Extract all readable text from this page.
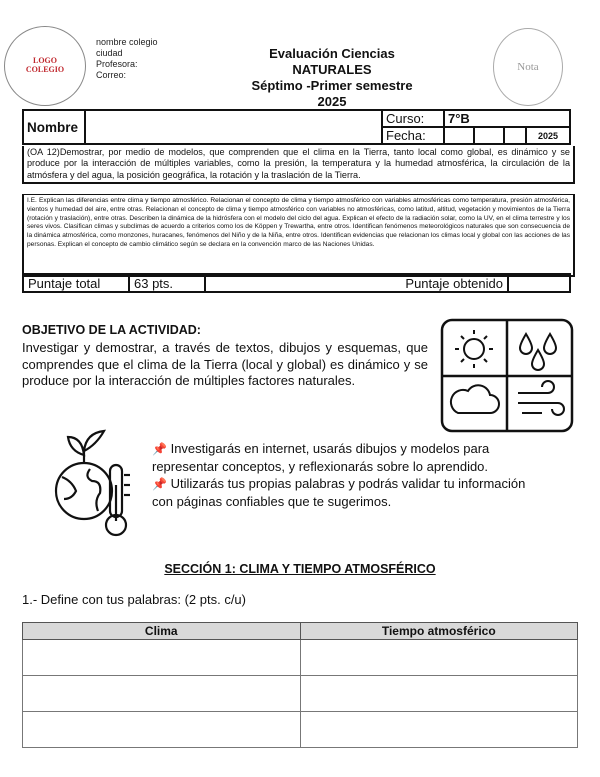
LOGO
COLEGIO
nombre colegio
ciudad
Profesora:
Correo:
Evaluación Ciencias NATURALES
Séptimo -Primer semestre
2025
Nota
Nombre		Curso:	7°B			
		Fecha:				2025
(OA 12)Demostrar, por medio de modelos, que comprenden que el clima en la Tierra, tanto local como global, es dinámico y se produce por la interacción de múltiples variables, como la presión, la temperatura y la humedad atmosférica, la circulación de la atmósfera y del agua, la posición geográfica, la rotación y la traslación de la Tierra.
I.E. Explican las diferencias entre clima y tiempo atmosférico. Relacionan el concepto de clima y tiempo atmosférico con variables atmosféricas como temperatura, presión atmosférica, vientos y humedad del aire, entre otras. Relacionan el concepto de clima y tiempo atmosférico con variables no atmosféricas, como latitud, altitud, vegetación y movimientos de la Tierra (rotación y traslación), entre otras. Describen la dinámica de la hidrósfera con el modelo del ciclo del agua. Explican el efecto de la radiación solar, como la UV, en el clima terrestre y los seres vivos. Clasifican climas y subclimas de acuerdo a criterios como los de Köppen y Trewartha, entre otros. Identifican fenómenos meteorológicos naturales que son consecuencia de la dinámica atmosférica, como monzones, huracanes, fenómenos del Niño y de la Niña, entre otros. Identifican evidencias que relacionan los climas local y global con las acciones de las personas. Explican el concepto de cambio climático según se declara en la convención marco de las Naciones Unidas.
Puntaje total	63 pts.	Puntaje obtenido	
OBJETIVO DE LA ACTIVIDAD:
Investigar y demostrar, a través de textos, dibujos y esquemas, que comprendes que el clima de la Tierra (local y global) es dinámico y se produce por la interacción de múltiples factores naturales.
📌 Investigarás en internet, usarás dibujos y modelos para representar conceptos, y reflexionarás sobre lo aprendido.
📌 Utilizarás tus propias palabras y podrás validar tu información con páginas confiables que te sugerimos.
SECCIÓN 1: CLIMA Y TIEMPO ATMOSFÉRICO
1.- Define con tus palabras: (2 pts. c/u)
Clima	Tiempo atmosférico
